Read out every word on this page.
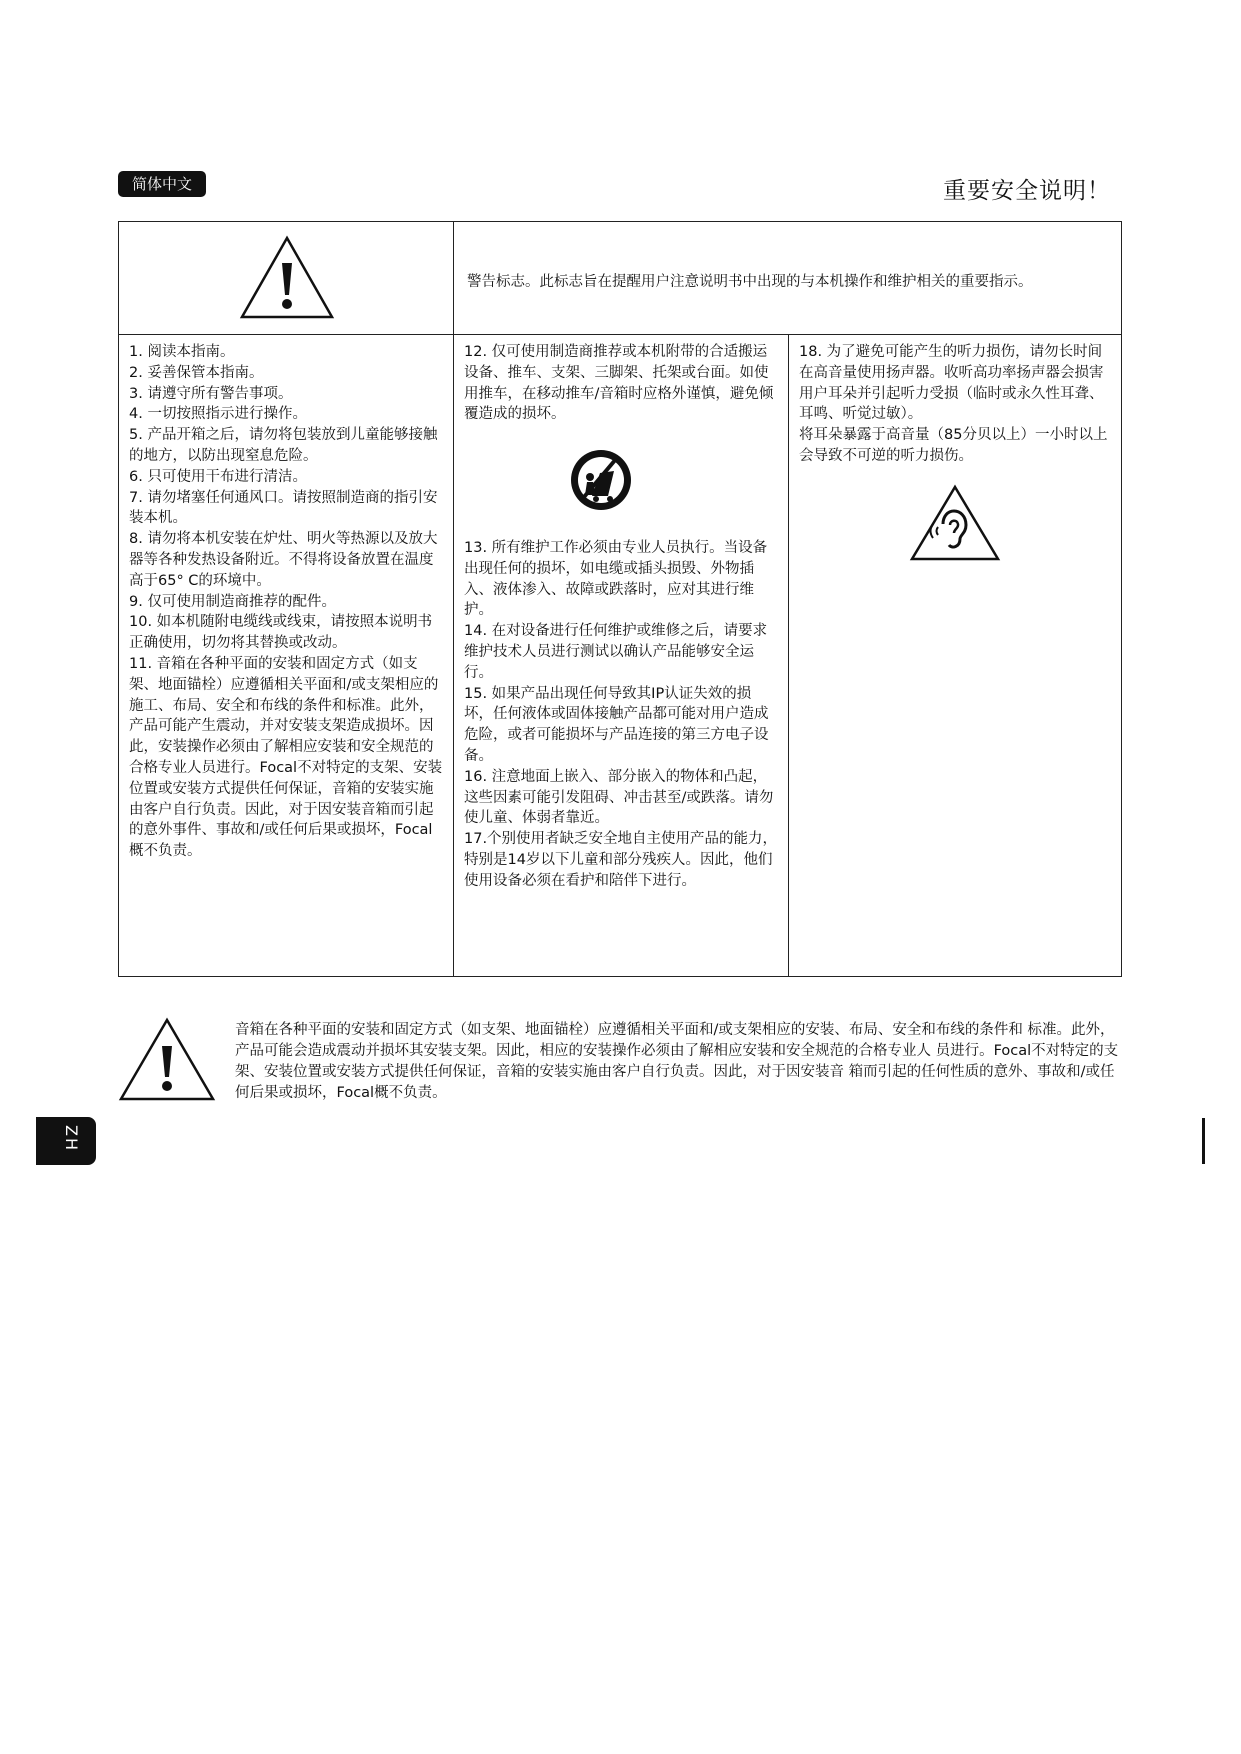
简体中文	重要安全说明！
警告标志。此标志旨在提醒用户注意说明书中出现的与本机操作和维护相关的重要指示。

1. 阅读本指南。

2. 妥善保管本指南。

3. 请遵守所有警告事项。

4. 一切按照指示进行操作。

5. 产品开箱之后，请勿将包装放到儿童能够接触的地方，以防出现窒息危险。

6. 只可使用干布进行清洁。

7. 请勿堵塞任何通风口。请按照制造商的指引安装本机。

8. 请勿将本机安装在炉灶、明火等热源以及放大器等各种发热设备附近。不得将设备放置在温度高于65° C的环境中。

9. 仅可使用制造商推荐的配件。

10. 如本机随附电缆线或线束，请按照本说明书正确使用，切勿将其替换或改动。

11. 音箱在各种平面的安装和固定方式（如支架、地面锚栓）应遵循相关平面和/或支架相应的施工、布局、安全和布线的条件和标准。此外，产品可能产生震动，并对安装支架造成损坏。因此，安装操作必须由了解相应安装和安全规范的合格专业人员进行。Focal不对特定的支架、安装位置或安装方式提供任何保证，音箱的安装实施由客户自行负责。因此，对于因安装音箱而引起的意外事件、事故和/或任何后果或损坏，Focal概不负责。

12. 仅可使用制造商推荐或本机附带的合适搬运设备、推车、支架、三脚架、托架或台面。如使用推车，在移动推车/音箱时应格外谨慎，避免倾覆造成的损坏。

13. 所有维护工作必须由专业人员执行。当设备出现任何的损坏，如电缆或插头损毁、外物插入、液体渗入、故障或跌落时，应对其进行维护。

14. 在对设备进行任何维护或维修之后，请要求维护技术人员进行测试以确认产品能够安全运行。

15. 如果产品出现任何导致其IP认证失效的损坏，任何液体或固体接触产品都可能对用户造成危险，或者可能损坏与产品连接的第三方电子设备。

16. 注意地面上嵌入、部分嵌入的物体和凸起，

这些因素可能引发阻碍、冲击甚至/或跌落。请勿使儿童、体弱者靠近。

17.个别使用者缺乏安全地自主使用产品的能力，特别是14岁以下儿童和部分残疾人。因此，他们使用设备必须在看护和陪伴下进行。

18. 为了避免可能产生的听力损伤，请勿长时间在高音量使用扬声器。收听高功率扬声器会损害用户耳朵并引起听力受损（临时或永久性耳聋、耳鸣、听觉过敏）。

将耳朵暴露于高音量（85分贝以上）一小时以上会导致不可逆的听力损伤。

音箱在各种平面的安装和固定方式（如支架、地面锚栓）应遵循相关平面和/或支架相应的安装、布局、安全和布线的条件和 标准。此外，产品可能会造成震动并损坏其安装支架。因此，相应的安装操作必须由了解相应安装和安全规范的合格专业人 员进行。Focal不对特定的支架、安装位置或安装方式提供任何保证，音箱的安装实施由客户自行负责。因此，对于因安装音 箱而引起的任何性质的意外、事故和/或任何后果或损坏，Focal概不负责。
ZH
